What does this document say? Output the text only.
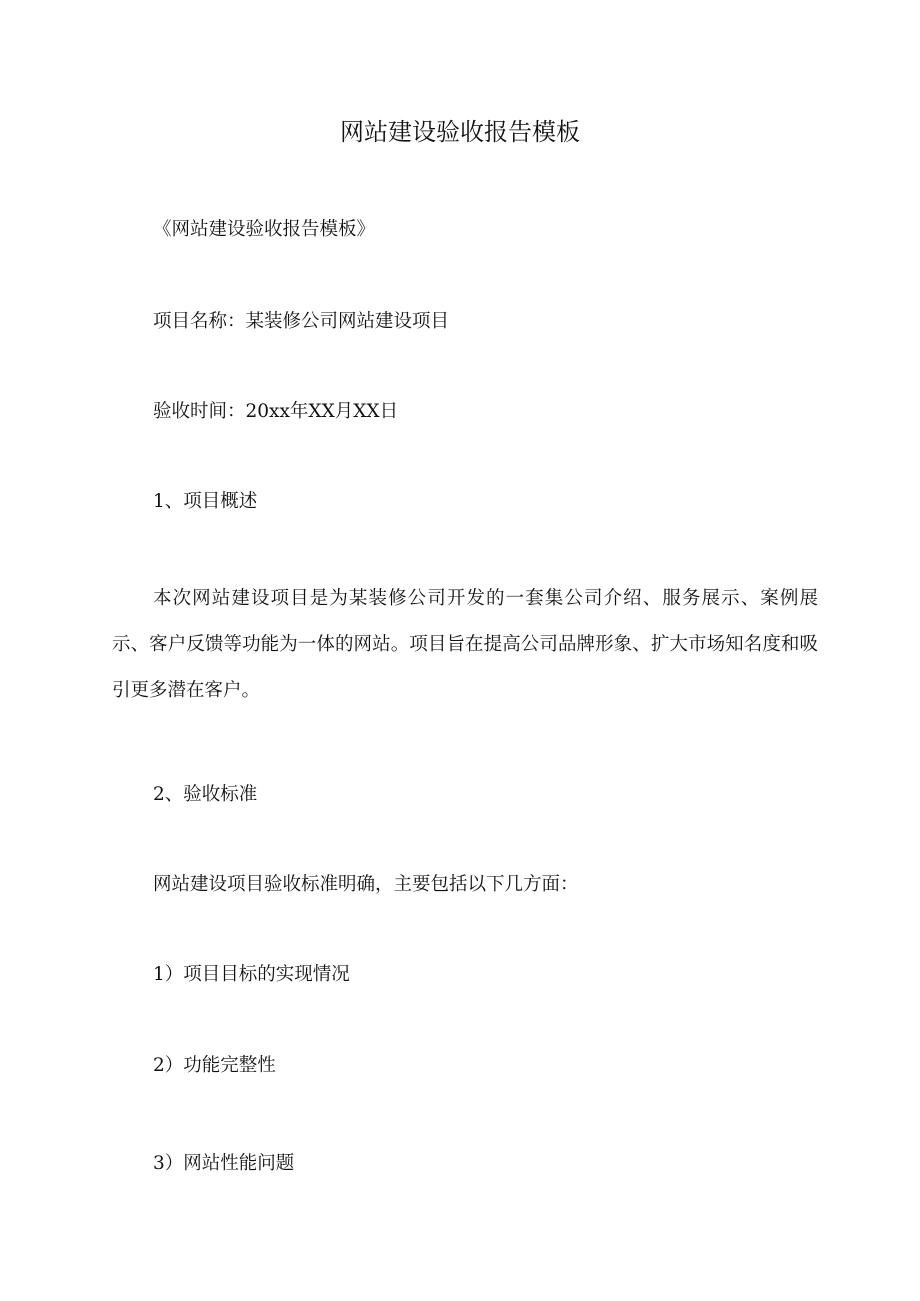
网站建设验收报告模板
《网站建设验收报告模板》
项目名称：某装修公司网站建设项目
验收时间：20xx年XX月XX日
1、项目概述
本次网站建设项目是为某装修公司开发的一套集公司介绍、服务展示、案例展示、客户反馈等功能为一体的网站。项目旨在提高公司品牌形象、扩大市场知名度和吸引更多潜在客户。
2、验收标准
网站建设项目验收标准明确，主要包括以下几方面：
1）项目目标的实现情况
2）功能完整性
3）网站性能问题
